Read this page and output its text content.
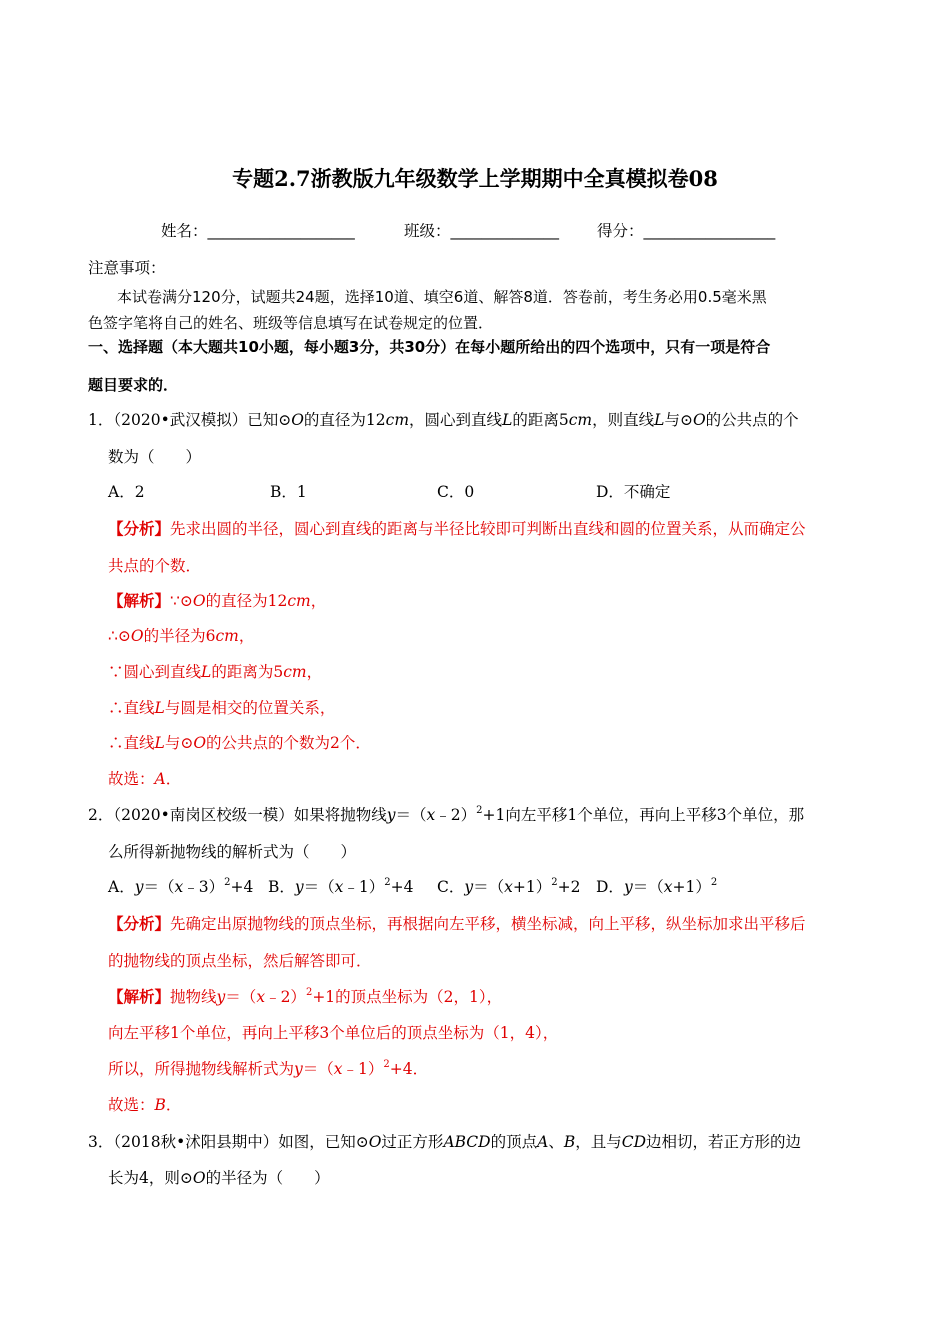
专题2.7浙教版九年级数学上学期期中全真模拟卷08
姓名：___________________	班级：______________ 得分：_________________
注意事项：
本试卷满分120分，试题共24题，选择10道、填空6道、解答8道．答卷前，考生务必用0.5毫米黑
色签字笔将自己的姓名、班级等信息填写在试卷规定的位置．
一、选择题（本大题共10小题，每小题3分，共30分）在每小题所给出的四个选项中，只有一项是符合
题目要求的．
1．（2020•武汉模拟）已知⊙O的直径为12cm，圆心到直线L的距离5cm，则直线L与⊙O的公共点的个
数为（　　）
A．2	B．1	C．0	D．不确定
【分析】先求出圆的半径，圆心到直线的距离与半径比较即可判断出直线和圆的位置关系，从而确定公
共点的个数．
【解析】∵⊙O的直径为12cm，
∴⊙O的半径为6cm，
∵圆心到直线L的距离为5cm，
∴直线L与圆是相交的位置关系，
∴直线L与⊙O的公共点的个数为2个．
故选：A．
2．（2020•南岗区校级一模）如果将抛物线y＝（x﹣2）$^2$+1向左平移1个单位，再向上平移3个单位，那
么所得新抛物线的解析式为（　　）
A．y＝（x﹣3）$^2$+4 B．y＝（x﹣1）$^2$+4 C．$y=(x+1)^2+2$ D．$y=(x+1)^2$
【分析】先确定出原抛物线的顶点坐标，再根据向左平移，横坐标减，向上平移，纵坐标加求出平移后
的抛物线的顶点坐标，然后解答即可．
【解析】抛物线y＝（x﹣2）$^2$+1的顶点坐标为（2，1），
向左平移1个单位，再向上平移3个单位后的顶点坐标为（1，4），
所以，所得抛物线解析式为y＝（x﹣1）$^2$+4．
故选：B．
3．（2018秋•沭阳县期中）如图，已知⊙O过正方形ABCD的顶点A、B，且与CD边相切，若正方形的边
长为4，则⊙O的半径为（　　）
